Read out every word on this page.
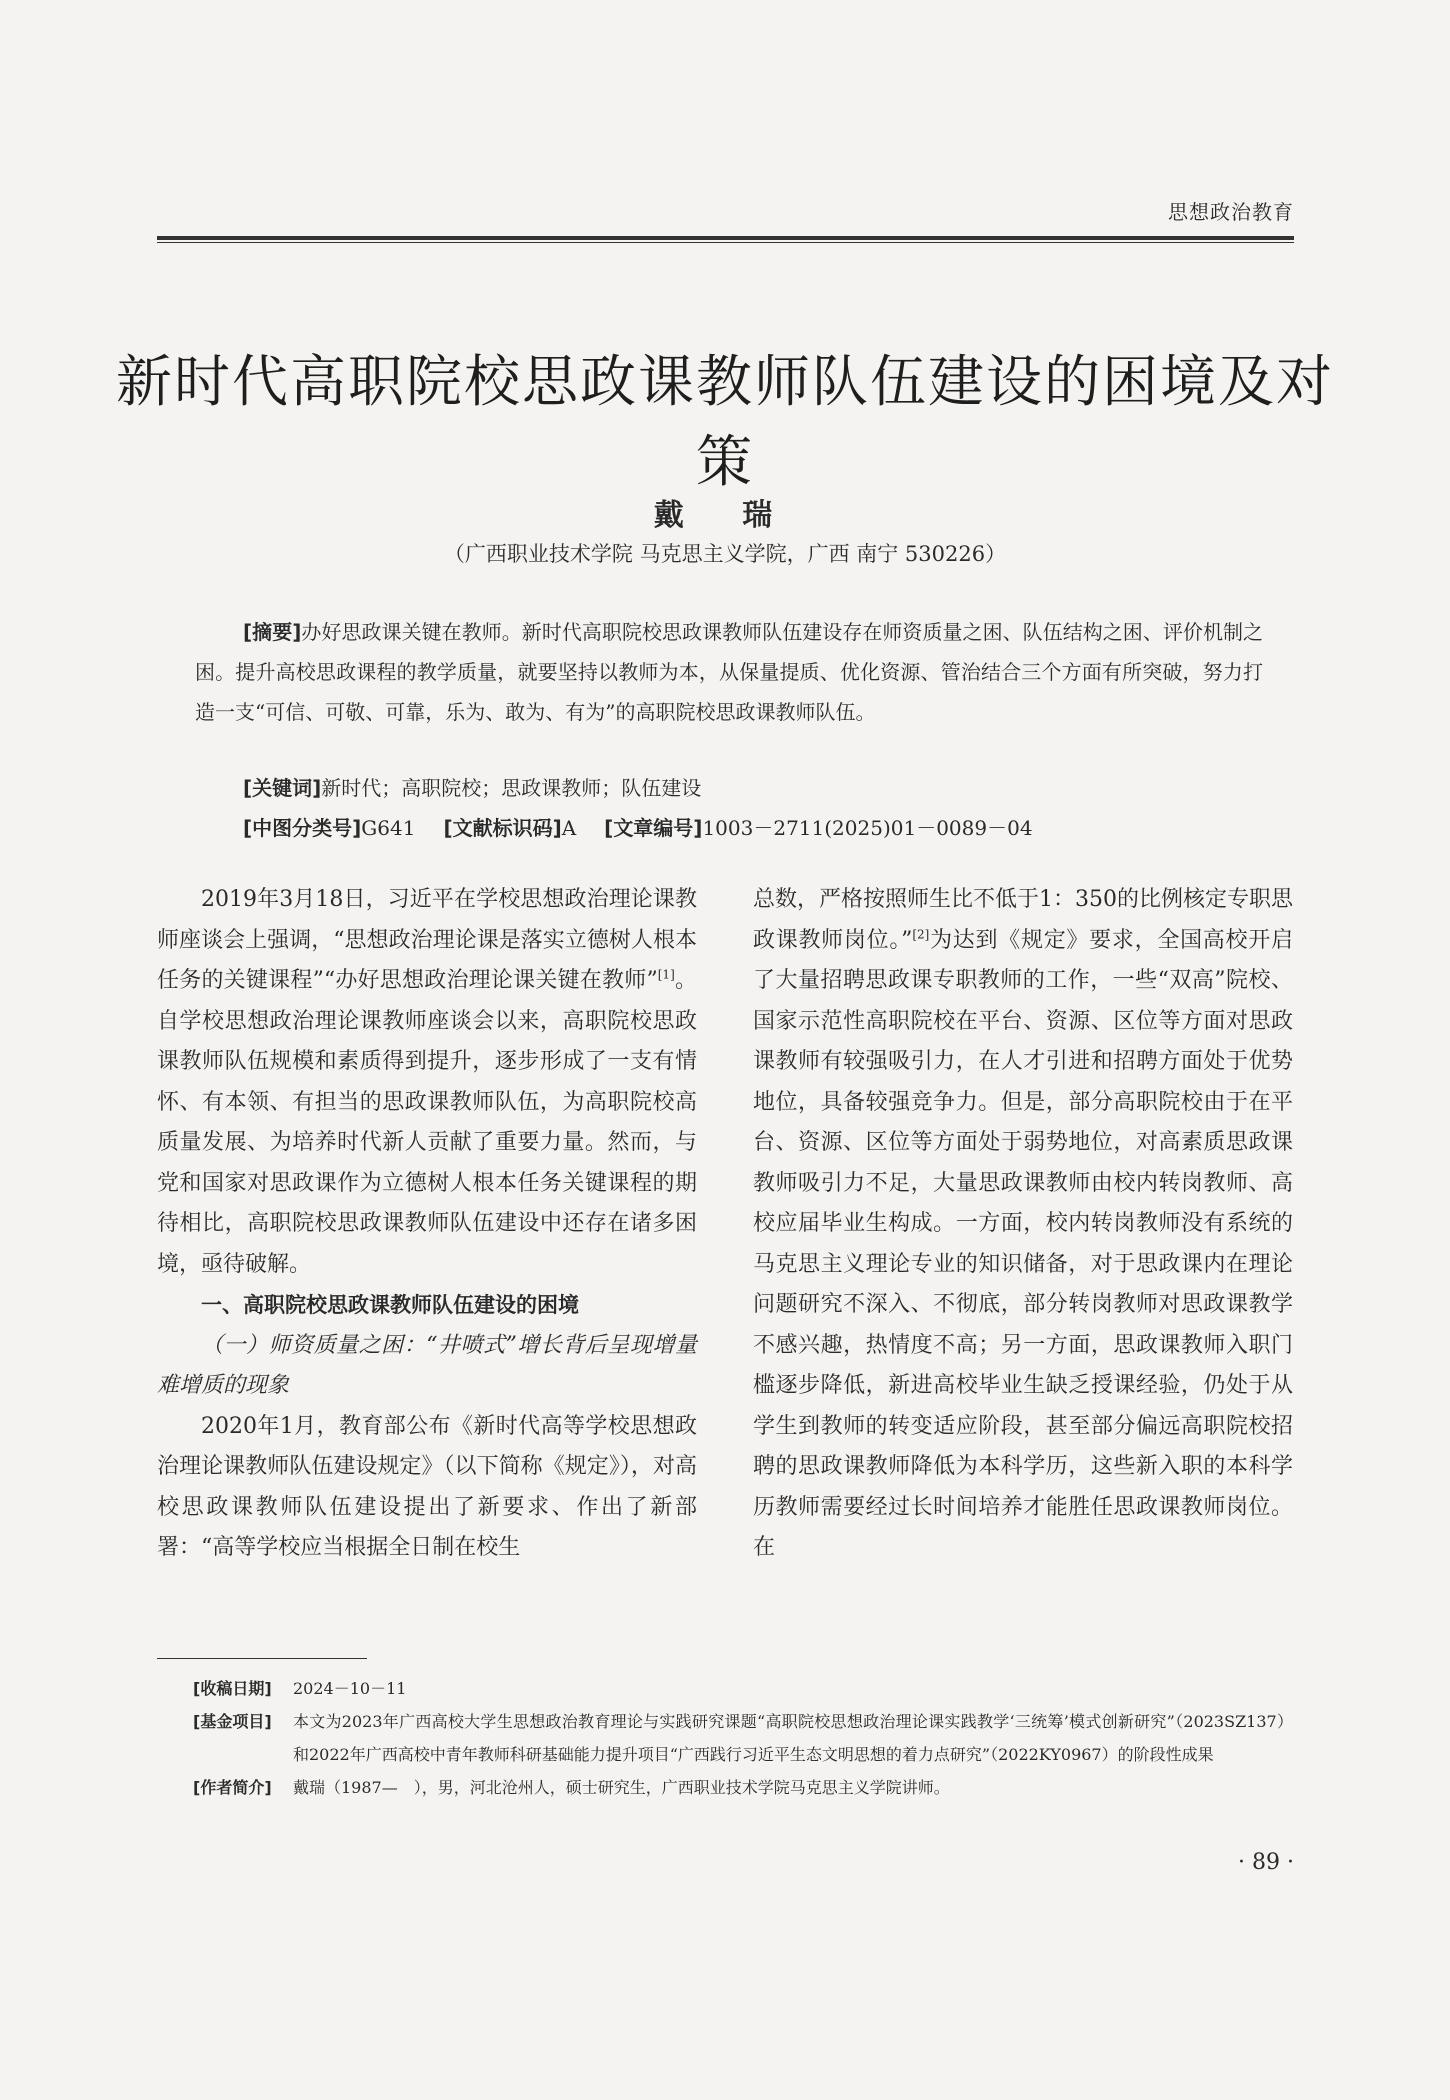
思想政治教育
新时代高职院校思政课教师队伍建设的困境及对策
戴 瑞
（广西职业技术学院 马克思主义学院，广西 南宁 530226）
[摘要]办好思政课关键在教师。新时代高职院校思政课教师队伍建设存在师资质量之困、队伍结构之困、评价机制之困。提升高校思政课程的教学质量，就要坚持以教师为本，从保量提质、优化资源、管治结合三个方面有所突破，努力打造一支“可信、可敬、可靠，乐为、敢为、有为”的高职院校思政课教师队伍。
[关键词]新时代；高职院校；思政课教师；队伍建设
[中图分类号]G641 [文献标识码]A [文章编号]1003－2711(2025)01－0089－04

2019年3月18日，习近平在学校思想政治理论课教师座谈会上强调，“思想政治理论课是落实立德树人根本任务的关键课程”“办好思想政治理论课关键在教师”[1]。自学校思想政治理论课教师座谈会以来，高职院校思政课教师队伍规模和素质得到提升，逐步形成了一支有情怀、有本领、有担当的思政课教师队伍，为高职院校高质量发展、为培养时代新人贡献了重要力量。然而，与党和国家对思政课作为立德树人根本任务关键课程的期待相比，高职院校思政课教师队伍建设中还存在诸多困境，亟待破解。

一、高职院校思政课教师队伍建设的困境
（一）师资质量之困：“井喷式”增长背后呈现增量难增质的现象

2020年1月，教育部公布《新时代高等学校思想政治理论课教师队伍建设规定》（以下简称《规定》），对高校思政课教师队伍建设提出了新要求、作出了新部署：“高等学校应当根据全日制在校生

总数，严格按照师生比不低于1：350的比例核定专职思政课教师岗位。”[2]为达到《规定》要求，全国高校开启了大量招聘思政课专职教师的工作，一些“双高”院校、国家示范性高职院校在平台、资源、区位等方面对思政课教师有较强吸引力，在人才引进和招聘方面处于优势地位，具备较强竞争力。但是，部分高职院校由于在平台、资源、区位等方面处于弱势地位，对高素质思政课教师吸引力不足，大量思政课教师由校内转岗教师、高校应届毕业生构成。一方面，校内转岗教师没有系统的马克思主义理论专业的知识储备，对于思政课内在理论问题研究不深入、不彻底，部分转岗教师对思政课教学不感兴趣，热情度不高；另一方面，思政课教师入职门槛逐步降低，新进高校毕业生缺乏授课经验，仍处于从学生到教师的转变适应阶段，甚至部分偏远高职院校招聘的思政课教师降低为本科学历，这些新入职的本科学历教师需要经过长时间培养才能胜任思政课教师岗位。在

[收稿日期] 2024－10－11
[基金项目] 本文为2023年广西高校大学生思想政治教育理论与实践研究课题“高职院校思想政治理论课实践教学‘三统筹’模式创新研究”（2023SZ137）和2022年广西高校中青年教师科研基础能力提升项目“广西践行习近平生态文明思想的着力点研究”（2022KY0967）的阶段性成果
[作者简介] 戴瑞（1987—　），男，河北沧州人，硕士研究生，广西职业技术学院马克思主义学院讲师。
· 89 ·
